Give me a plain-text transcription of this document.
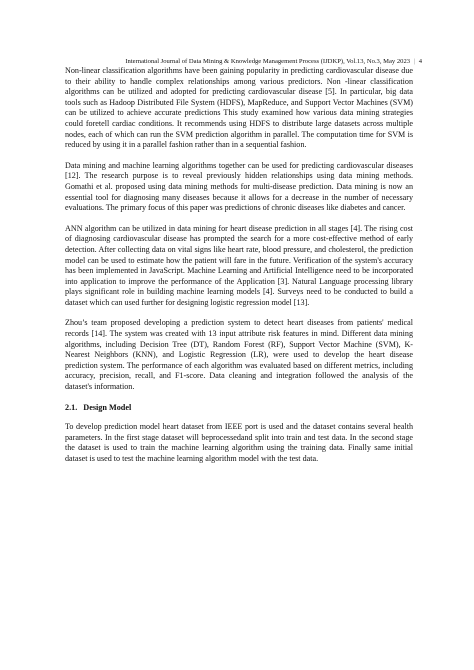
International Journal of Data Mining & Knowledge Management Process (IJDKP), Vol.13, No.3, May 2023 | 4

Non-linear classification algorithms have been gaining popularity in predicting cardiovascular disease due to their ability to handle complex relationships among various predictors. Non -linear classification algorithms can be utilized and adopted for predicting cardiovascular disease [5]. In particular, big data tools such as Hadoop Distributed File System (HDFS), MapReduce, and Support Vector Machines (SVM) can be utilized to achieve accurate predictions This study examined how various data mining strategies could foretell cardiac conditions. It recommends using HDFS to distribute large datasets across multiple nodes, each of which can run the SVM prediction algorithm in parallel. The computation time for SVM is reduced by using it in a parallel fashion rather than in a sequential fashion.

Data mining and machine learning algorithms together can be used for predicting cardiovascular diseases [12]. The research purpose is to reveal previously hidden relationships using data mining methods. Gomathi et al. proposed using data mining methods for multi-disease prediction. Data mining is now an essential tool for diagnosing many diseases because it allows for a decrease in the number of necessary evaluations. The primary focus of this paper was predictions of chronic diseases like diabetes and cancer.

ANN algorithm can be utilized in data mining for heart disease prediction in all stages [4]. The rising cost of diagnosing cardiovascular disease has prompted the search for a more cost-effective method of early detection. After collecting data on vital signs like heart rate, blood pressure, and cholesterol, the prediction model can be used to estimate how the patient will fare in the future. Verification of the system's accuracy has been implemented in JavaScript. Machine Learning and Artificial Intelligence need to be incorporated into application to improve the performance of the Application [3]. Natural Language processing library plays significant role in building machine learning models [4]. Surveys need to be conducted to build a dataset which can used further for designing logistic regression model [13].

Zhou’s team proposed developing a prediction system to detect heart diseases from patients' medical records [14]. The system was created with 13 input attribute risk features in mind. Different data mining algorithms, including Decision Tree (DT), Random Forest (RF), Support Vector Machine (SVM), K-Nearest Neighbors (KNN), and Logistic Regression (LR), were used to develop the heart disease prediction system. The performance of each algorithm was evaluated based on different metrics, including accuracy, precision, recall, and F1-score. Data cleaning and integration followed the analysis of the dataset's information.

2.1. Design Model

To develop prediction model heart dataset from IEEE port is used and the dataset contains several health parameters. In the first stage dataset will beprocessedand split into train and test data. In the second stage the dataset is used to train the machine learning algorithm using the training data. Finally same initial dataset is used to test the machine learning algorithm model with the test data.
